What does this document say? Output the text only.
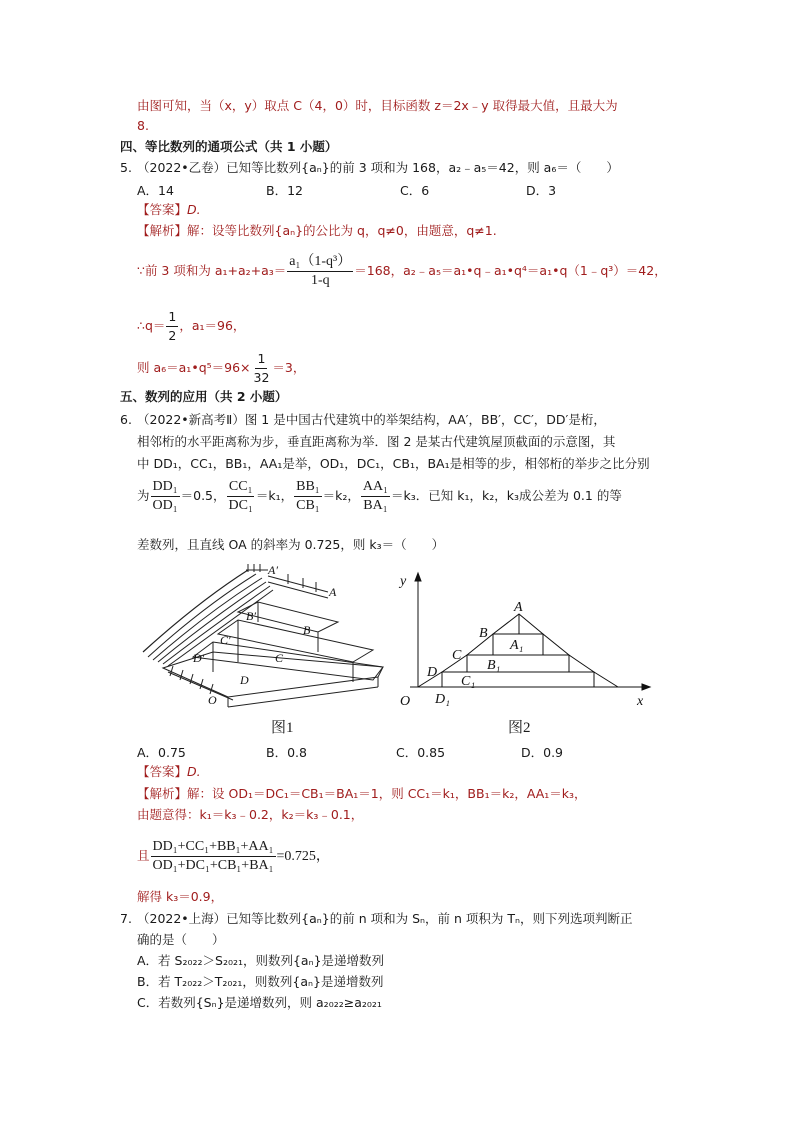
由图可知，当（x，y）取点 C（4，0）时，目标函数 z＝2x﹣y 取得最大值，且最大为
8.
四、等比数列的通项公式（共 1 小题）
5. （2022•乙卷）已知等比数列{aₙ}的前 3 项和为 168，a₂﹣a₅＝42，则 a₆＝（　　）
A．14	B．12	C．6	D．3
【答案】D.
【解析】解：设等比数列{aₙ}的公比为 q，q≠0，由题意，q≠1.
∵前 3 项和为 $a_1+a_2+a_3= \frac{\text{a₁（1-q³）}}{1-q} =168$，a₂﹣a₅＝a₁•q﹣a₁•q⁴＝a₁•q（1﹣q³）＝42，
∴q＝ $\frac{1}{2}$ ，a₁＝96，
则 a₆＝a₁•q⁵＝96× $\frac{1}{32} =3$，
五、数列的应用（共 2 小题）
6. （2022•新高考Ⅱ）图 1 是中国古代建筑中的举架结构，AA′，BB′，CC′，DD′是桁，
相邻桁的水平距离称为步，垂直距离称为举．图 2 是某古代建筑屋顶截面的示意图，其
中 DD₁，CC₁，BB₁，AA₁是举，OD₁，DC₁，CB₁，BA₁是相等的步，相邻桁的举步之比分别
为 $\frac{\text{DD₁}}{\text{OD₁}} =0.5$， $\frac{\text{CC₁}}{\text{DC₁}} =k_1$， $\frac{\text{BB₁}}{\text{CB₁}} =k_2$， $\frac{\text{AA₁}}{\text{BA₁}} =k_3$．已知 k₁，k₂，k₃成公差为 0.1 的等
差数列，且直线 OA 的斜率为 0.725，则 k₃＝（　　）
A′
A
B′
B
C′
C
D′
D
O
图1
y
x
O
A
B
C
D
A₁
B₁
C₁
D₁
图2
A．0.75	B．0.8	C．0.85	D．0.9
【答案】D.
【解析】解：设 OD₁＝DC₁＝CB₁＝BA₁＝1，则 CC₁＝k₁，BB₁＝k₂，AA₁＝k₃，
由题意得：k₁＝k₃﹣0.2，k₂＝k₃﹣0.1，
且 $\frac{\text{DD₁+CC₁+BB₁+AA₁}}{\text{OD₁+DC₁+CB₁+BA₁}} =0.725$，
解得 k₃＝0.9，
7. （2022•上海）已知等比数列{aₙ}的前 n 项和为 Sₙ，前 n 项积为 Tₙ，则下列选项判断正
确的是（　　）
A．若 S₂₀₂₂＞S₂₀₂₁，则数列{aₙ}是递增数列
B．若 T₂₀₂₂＞T₂₀₂₁，则数列{aₙ}是递增数列
C．若数列{Sₙ}是递增数列，则 a₂₀₂₂≥a₂₀₂₁
